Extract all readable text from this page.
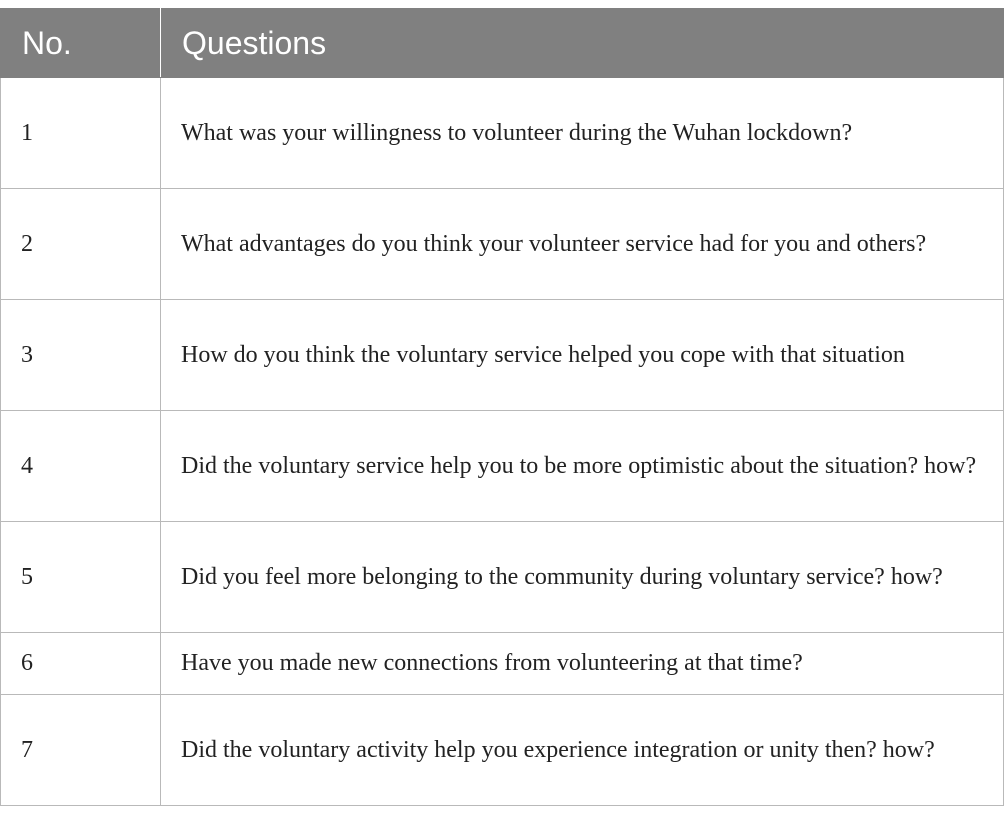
No.	Questions
1	What was your willingness to volunteer during the Wuhan lockdown?
2	What advantages do you think your volunteer service had for you and others?
3	How do you think the voluntary service helped you cope with that situation
4	Did the voluntary service help you to be more optimistic about the situation? how?
5	Did you feel more belonging to the community during voluntary service? how?
6	Have you made new connections from volunteering at that time?
7	Did the voluntary activity help you experience integration or unity then? how?
